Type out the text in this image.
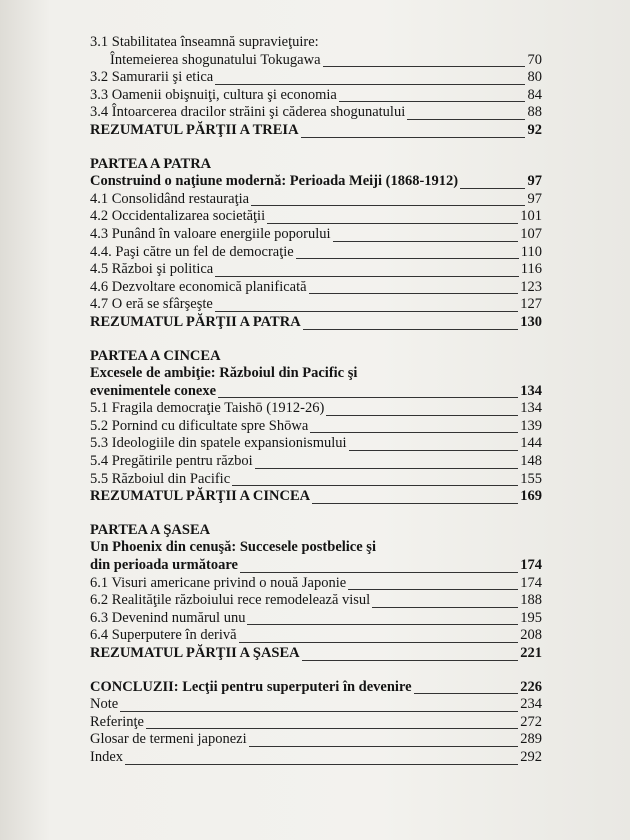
3.1 Stabilitatea înseamnă supravieţuire:
Întemeierea shogunatului Tokugawa	70
3.2 Samurarii şi etica	80
3.3 Oamenii obişnuiţi, cultura şi economia	84
3.4 Întoarcerea dracilor străini şi căderea shogunatului	88
REZUMATUL PĂRŢII A TREIA	92
PARTEA A PATRA
Construind o naţiune modernă: Perioada Meiji (1868-1912)	97
4.1 Consolidând restauraţia	97
4.2 Occidentalizarea societăţii	101
4.3 Punând în valoare energiile poporului	107
4.4. Paşi către un fel de democraţie	110
4.5 Război şi politica	116
4.6 Dezvoltare economică planificată	123
4.7 O eră se sfârşeşte	127
REZUMATUL PĂRŢII A PATRA	130
PARTEA A CINCEA
Excesele de ambiţie: Războiul din Pacific şi
evenimentele conexe	134
5.1 Fragila democraţie Taishō (1912-26)	134
5.2 Pornind cu dificultate spre Shōwa	139
5.3 Ideologiile din spatele expansionismului	144
5.4 Pregătirile pentru război	148
5.5 Războiul din Pacific	155
REZUMATUL PĂRŢII A CINCEA	169
PARTEA A ŞASEA
Un Phoenix din cenuşă: Succesele postbelice şi
din perioada următoare	174
6.1 Visuri americane privind o nouă Japonie	174
6.2 Realităţile războiului rece remodelează visul	188
6.3 Devenind numărul unu	195
6.4 Superputere în derivă	208
REZUMATUL PĂRŢII A ŞASEA	221
CONCLUZII: Lecţii pentru superputeri în devenire	226
Note	234
Referinţe	272
Glosar de termeni japonezi	289
Index	292
